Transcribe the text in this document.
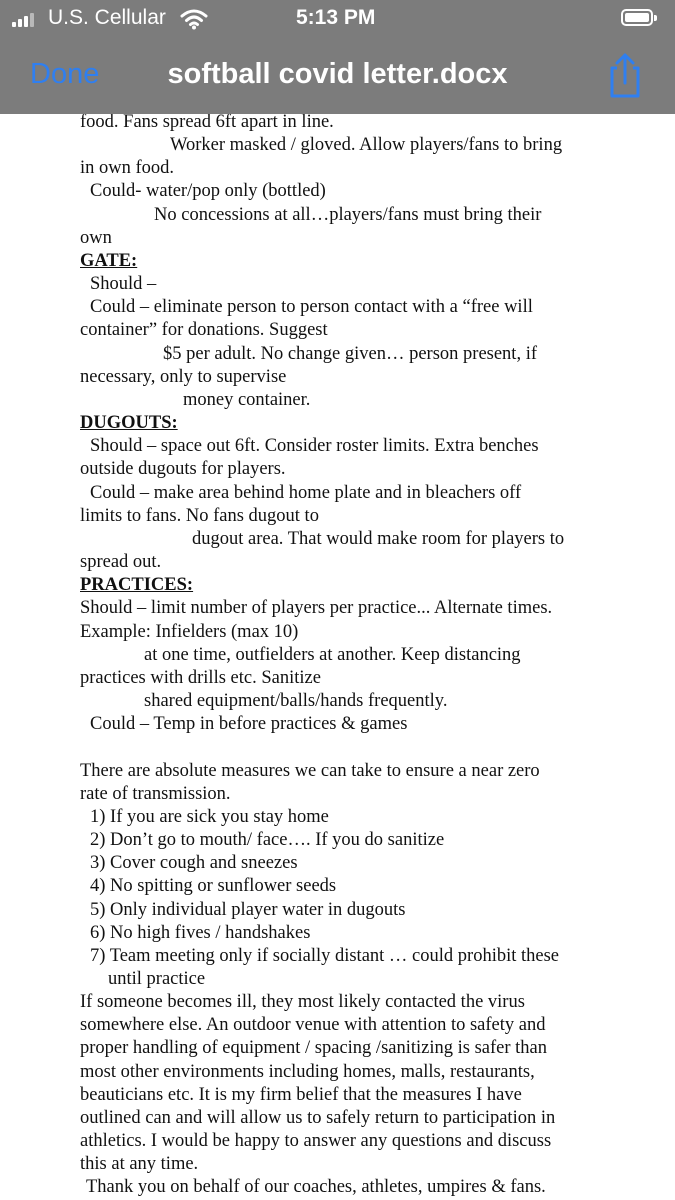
U.S. Cellular	5:13 PM
Done	softball covid letter.docx
food. Fans spread 6ft apart in line.
Worker masked / gloved. Allow players/fans to bring
in own food.
Could- water/pop only (bottled)
No concessions at all…players/fans must bring their
own
GATE:
Should –
Could – eliminate person to person contact with a “free will
container” for donations. Suggest
$5 per adult. No change given… person present, if
necessary, only to supervise
money container.
DUGOUTS:
Should – space out 6ft. Consider roster limits. Extra benches
outside dugouts for players.
Could – make area behind home plate and in bleachers off
limits to fans. No fans dugout to
dugout area. That would make room for players to
spread out.
PRACTICES:
Should – limit number of players per practice... Alternate times.
Example: Infielders (max 10)
at one time, outfielders at another. Keep distancing
practices with drills etc. Sanitize
shared equipment/balls/hands frequently.
Could – Temp in before practices & games
There are absolute measures we can take to ensure a near zero
rate of transmission.
1) If you are sick you stay home
2) Don’t go to mouth/ face…. If you do sanitize
3) Cover cough and sneezes
4) No spitting or sunflower seeds
5) Only individual player water in dugouts
6) No high fives / handshakes
7) Team meeting only if socially distant … could prohibit these
until practice
If someone becomes ill, they most likely contacted the virus
somewhere else. An outdoor venue with attention to safety and
proper handling of equipment / spacing /sanitizing is safer than
most other environments including homes, malls, restaurants,
beauticians etc. It is my firm belief that the measures I have
outlined can and will allow us to safely return to participation in
athletics. I would be happy to answer any questions and discuss
this at any time.
Thank you on behalf of our coaches, athletes, umpires & fans.
